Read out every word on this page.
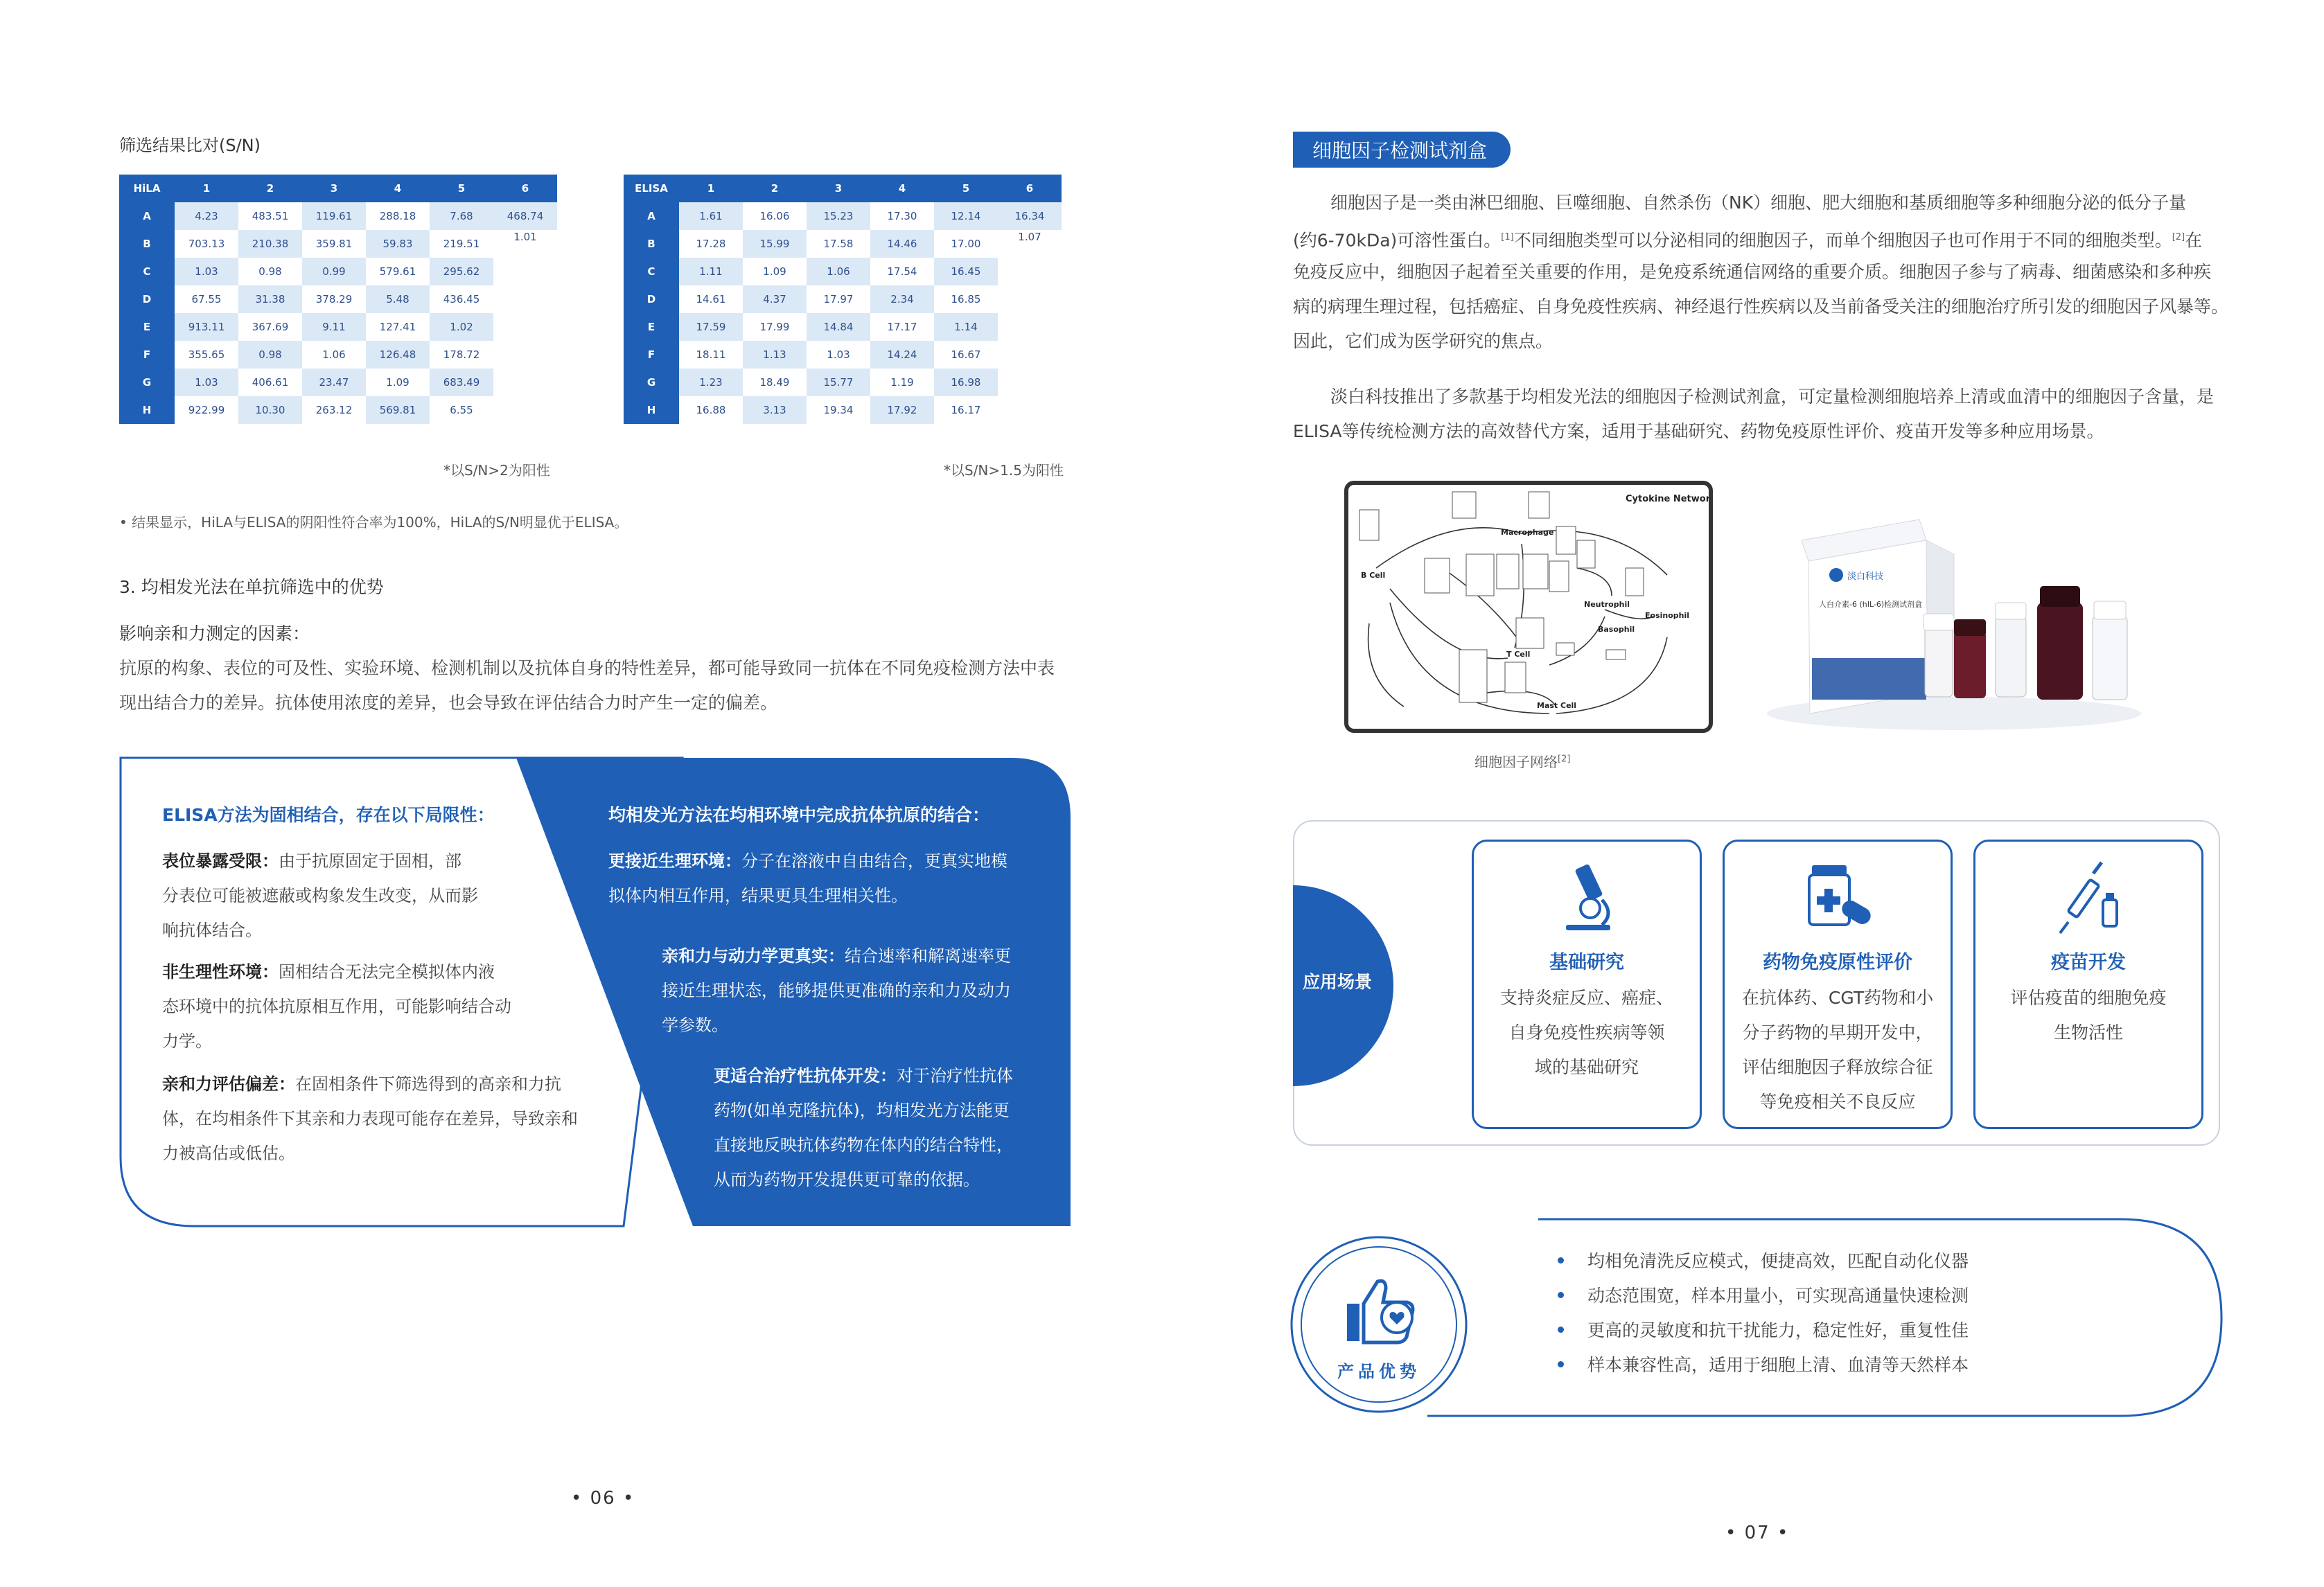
筛选结果比对(S/N)
HiLA	1	2	3	4	5	6
A	4.23	483.51	119.61	288.18	7.68	468.74
B	703.13	210.38	359.81	59.83	219.51	1.01
C	1.03	0.98	0.99	579.61	295.62	
D	67.55	31.38	378.29	5.48	436.45	
E	913.11	367.69	9.11	127.41	1.02	
F	355.65	0.98	1.06	126.48	178.72	
G	1.03	406.61	23.47	1.09	683.49	
H	922.99	10.30	263.12	569.81	6.55	
ELISA	1	2	3	4	5	6
A	1.61	16.06	15.23	17.30	12.14	16.34
B	17.28	15.99	17.58	14.46	17.00	1.07
C	1.11	1.09	1.06	17.54	16.45	
D	14.61	4.37	17.97	2.34	16.85	
E	17.59	17.99	14.84	17.17	1.14	
F	18.11	1.13	1.03	14.24	16.67	
G	1.23	18.49	15.77	1.19	16.98	
H	16.88	3.13	19.34	17.92	16.17	
*以S/N>2为阳性	*以S/N>1.5为阳性
• 结果显示，HiLA与ELISA的阴阳性符合率为100%，HiLA的S/N明显优于ELISA。
3. 均相发光法在单抗筛选中的优势
影响亲和力测定的因素：
抗原的构象、表位的可及性、实验环境、检测机制以及抗体自身的特性差异，都可能导致同一抗体在不同免疫检测方法中表
现出结合力的差异。抗体使用浓度的差异，也会导致在评估结合力时产生一定的偏差。
ELISA方法为固相结合，存在以下局限性：
表位暴露受限：由于抗原固定于固相，部
分表位可能被遮蔽或构象发生改变，从而影
响抗体结合。
非生理性环境：固相结合无法完全模拟体内液
态环境中的抗体抗原相互作用，可能影响结合动
力学。
亲和力评估偏差：在固相条件下筛选得到的高亲和力抗
体，在均相条件下其亲和力表现可能存在差异，导致亲和
力被高估或低估。
均相发光方法在均相环境中完成抗体抗原的结合：
更接近生理环境：分子在溶液中自由结合，更真实地模
拟体内相互作用，结果更具生理相关性。
亲和力与动力学更真实：结合速率和解离速率更
接近生理状态，能够提供更准确的亲和力及动力
学参数。
更适合治疗性抗体开发：对于治疗性抗体
药物(如单克隆抗体)，均相发光方法能更
直接地反映抗体药物在体内的结合特性，
从而为药物开发提供更可靠的依据。
• 06 •
细胞因子检测试剂盒
细胞因子是一类由淋巴细胞、巨噬细胞、自然杀伤（NK）细胞、肥大细胞和基质细胞等多种细胞分泌的低分子量
(约6-70kDa)可溶性蛋白。[1]不同细胞类型可以分泌相同的细胞因子，而单个细胞因子也可作用于不同的细胞类型。[2]在
免疫反应中，细胞因子起着至关重要的作用，是免疫系统通信网络的重要介质。细胞因子参与了病毒、细菌感染和多种疾
病的病理生理过程，包括癌症、自身免疫性疾病、神经退行性疾病以及当前备受关注的细胞治疗所引发的细胞因子风暴等。
因此，它们成为医学研究的焦点。
淡白科技推出了多款基于均相发光法的细胞因子检测试剂盒，可定量检测细胞培养上清或血清中的细胞因子含量，是
ELISA等传统检测方法的高效替代方案，适用于基础研究、药物免疫原性评价、疫苗开发等多种应用场景。
Cytokine Network
Macrophage
B Cell
T Cell
Neutrophil
Basophil
Eosinophil
Mast Cell
细胞因子网络[2]
淡白科技
人白介素-6 (hIL-6)检测试剂盒
应用场景
基础研究
支持炎症反应、癌症、
自身免疫性疾病等领
域的基础研究
药物免疫原性评价
在抗体药、CGT药物和小
分子药物的早期开发中，
评估细胞因子释放综合征
等免疫相关不良反应
疫苗开发
评估疫苗的细胞免疫
生物活性
产品优势
均相免清洗反应模式，便捷高效，匹配自动化仪器
动态范围宽，样本用量小，可实现高通量快速检测
更高的灵敏度和抗干扰能力，稳定性好，重复性佳
样本兼容性高，适用于细胞上清、血清等天然样本
• 07 •
